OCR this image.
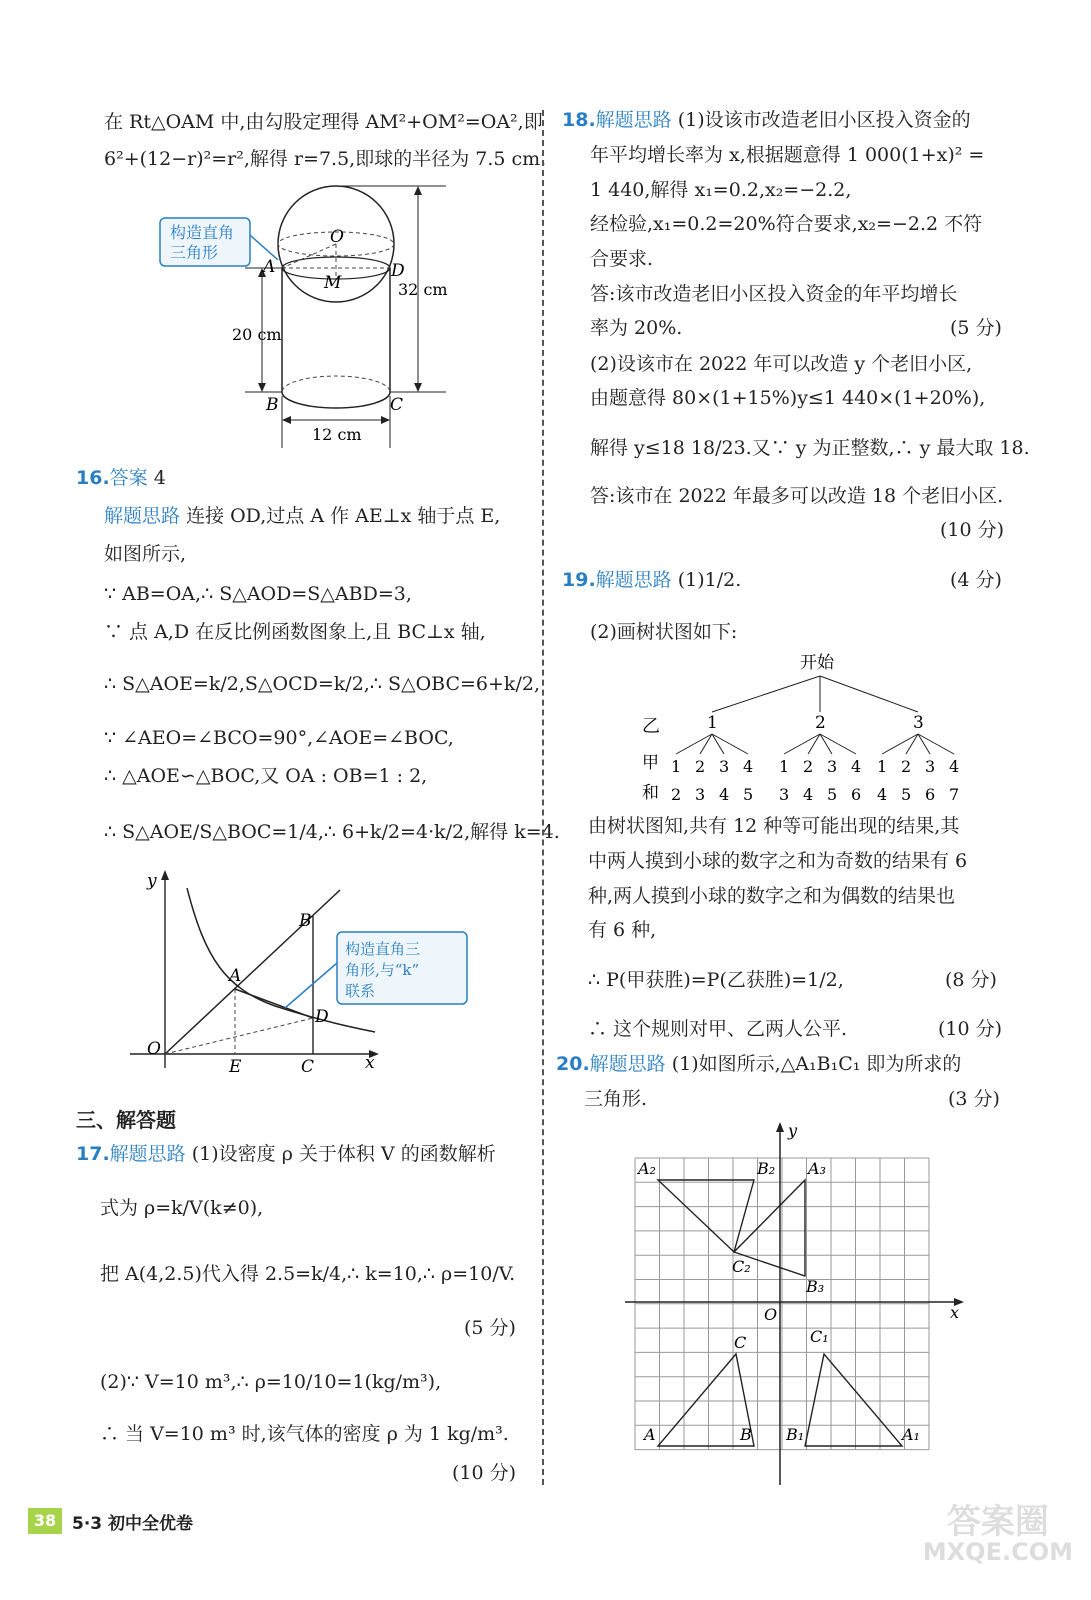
在 Rt△OAM 中,由勾股定理得 AM²+OM²=OA²,即
6²+(12−r)²=r²,解得 r=7.5,即球的半径为 7.5 cm.
O
A
M
D
B	C
32 cm
20 cm
12 cm
构造直角
三角形
16.答案 4
解题思路 连接 OD,过点 A 作 AE⊥x 轴于点 E,
如图所示,
∵ AB=OA,∴ S△AOD=S△ABD=3,
∵ 点 A,D 在反比例函数图象上,且 BC⊥x 轴,
∴ S△AOE=k/2,S△OCD=k/2,∴ S△OBC=6+k/2,
∵ ∠AEO=∠BCO=90°,∠AOE=∠BOC,
∴ △AOE∽△BOC,又 OA : OB=1 : 2,
∴ S△AOE/S△BOC=1/4,∴ 6+k/2=4·k/2,解得 k=4.
y
x
O
A
B
D
E	C
构造直角三
角形,与“k”
联系
三、解答题
17.解题思路 (1)设密度 ρ 关于体积 V 的函数解析
式为 ρ=k/V(k≠0),
把 A(4,2.5)代入得 2.5=k/4,∴ k=10,∴ ρ=10/V.
(5 分)
(2)∵ V=10 m³,∴ ρ=10/10=1(kg/m³),
∴ 当 V=10 m³ 时,该气体的密度 ρ 为 1 kg/m³.
(10 分)
18.解题思路 (1)设该市改造老旧小区投入资金的
年平均增长率为 x,根据题意得 1 000(1+x)² =
1 440,解得 x₁=0.2,x₂=−2.2,
经检验,x₁=0.2=20%符合要求,x₂=−2.2 不符
合要求.
答:该市改造老旧小区投入资金的年平均增长
率为 20%.	(5 分)
(2)设该市在 2022 年可以改造 y 个老旧小区,
由题意得 80×(1+15%)y≤1 440×(1+20%),
解得 y≤18 18/23.又∵ y 为正整数,∴ y 最大取 18.
答:该市在 2022 年最多可以改造 18 个老旧小区.
(10 分)
19.解题思路 (1)1/2.	(4 分)
(2)画树状图如下:
开始
乙
甲
和
1	2	3
1 2 3 4 1 2 3 4 1 2 3 4
2 3 4 5 3 4 5 6 4 5 6 7
由树状图知,共有 12 种等可能出现的结果,其
中两人摸到小球的数字之和为奇数的结果有 6
种,两人摸到小球的数字之和为偶数的结果也
有 6 种,
∴ P(甲获胜)=P(乙获胜)=1/2,	(8 分)
∴ 这个规则对甲、乙两人公平.	(10 分)
20.解题思路 (1)如图所示,△A₁B₁C₁ 即为所求的
三角形.	(3 分)
y
x
O
A₂	B₂ A₃
C₂
B₃
C	C₁
A	B B₁	A₁
38 5·3 初中全优卷	答案圈
MXQE.COM
